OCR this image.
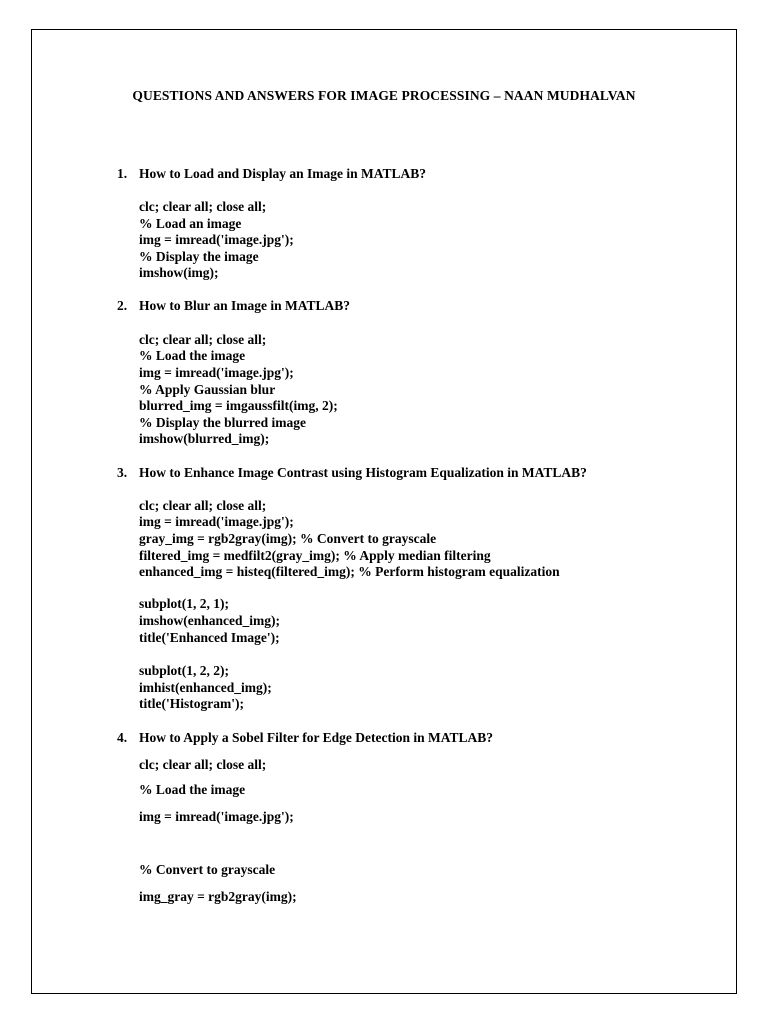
QUESTIONS AND ANSWERS FOR IMAGE PROCESSING – NAAN MUDHALVAN
1. How to Load and Display an Image in MATLAB?
clc; clear all; close all;
% Load an image
img = imread('image.jpg');
% Display the image
imshow(img);
2. How to Blur an Image in MATLAB?
clc; clear all; close all;
% Load the image
img = imread('image.jpg');
% Apply Gaussian blur
blurred_img = imgaussfilt(img, 2);
% Display the blurred image
imshow(blurred_img);
3. How to Enhance Image Contrast using Histogram Equalization in MATLAB?
clc; clear all; close all;
img = imread('image.jpg');
gray_img = rgb2gray(img); % Convert to grayscale
filtered_img = medfilt2(gray_img); % Apply median filtering
enhanced_img = histeq(filtered_img); % Perform histogram equalization
subplot(1, 2, 1);
imshow(enhanced_img);
title('Enhanced Image');
subplot(1, 2, 2);
imhist(enhanced_img);
title('Histogram');
4. How to Apply a Sobel Filter for Edge Detection in MATLAB?
clc; clear all; close all;
% Load the image
img = imread('image.jpg');
% Convert to grayscale
img_gray = rgb2gray(img);
